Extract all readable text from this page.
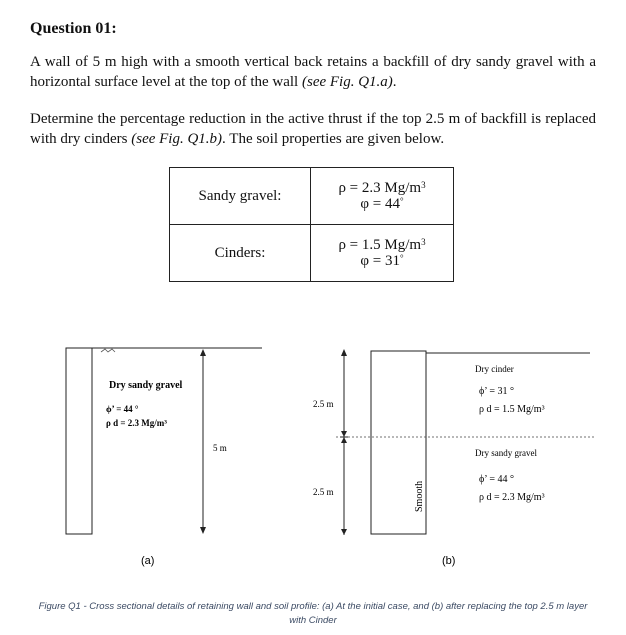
Question 01:
A wall of 5 m high with a smooth vertical back retains a backfill of dry sandy gravel with a horizontal surface level at the top of the wall (see Fig. Q1.a).
Determine the percentage reduction in the active thrust if the top 2.5 m of backfill is replaced with dry cinders (see Fig. Q1.b). The soil properties are given below.
Sandy gravel:	ρ = 2.3 $Mg/m^3$
φ = 44°

Cinders:	ρ = 1.5 $Mg/m^3$
φ = 31°
Dry sandy gravel
ϕ’ = 44 °
ρ d = 2.3 Mg/m³
5 m
(a)
2.5 m
2.5 m	Smooth
Dry cinder
ϕ’ = 31 °
ρ d = 1.5 Mg/m³
Dry sandy gravel
ϕ’ = 44 °
ρ d = 2.3 Mg/m³
(b)
Figure Q1 - Cross sectional details of retaining wall and soil profile: (a) At the initial case, and (b) after replacing the top 2.5 m layer with Cinder
